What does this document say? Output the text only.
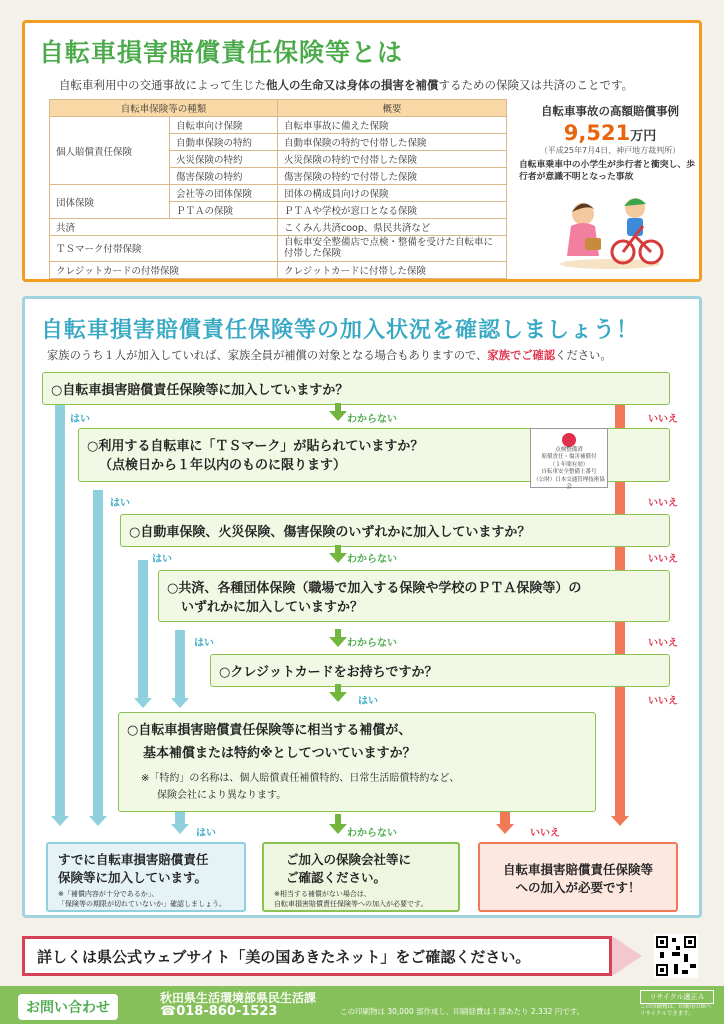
自転車損害賠償責任保険等とは
自転車利用中の交通事故によって生じた他人の生命又は身体の損害を補償するための保険又は共済のことです。
自転車保険等の種類		概要
個人賠償責任保険	自転車向け保険	自転車事故に備えた保険
	自動車保険の特約	自動車保険の特約で付帯した保険
	火災保険の特約	火災保険の特約で付帯した保険
	傷害保険の特約	傷害保険の特約で付帯した保険
団体保険	会社等の団体保険	団体の構成員向けの保険
	ＰＴＡの保険	ＰＴＡや学校が窓口となる保険
共済		こくみん共済coop、県民共済など
ＴＳマーク付帯保険		自転車安全整備店で点検・整備を受けた自転車に付帯した保険
クレジットカードの付帯保険		クレジットカードに付帯した保険
自転車事故の高額賠償事例
9,521万円
（平成25年7月4日、神戸地方裁判所）
自転車乗車中の小学生が歩行者と衝突し、歩行者が意識不明となった事故
自転車損害賠償責任保険等の加入状況を確認しましょう！
家族のうち１人が加入していれば、家族全員が補償の対象となる場合もありますので、家族でご確認ください。
○自転車損害賠償責任保険等に加入していますか？
はい	わからない	いいえ
○利用する自転車に「ＴＳマーク」が貼られていますか？
（点検日から１年以内のものに限ります）
点検整備済
賠償責任・傷害補償付
（１年間有効）
自転車安全整備士番号
（公財）日本交通管理技術協会
はい	いいえ
○自動車保険、火災保険、傷害保険のいずれかに加入していますか？
はい	わからない	いいえ
○共済、各種団体保険（職場で加入する保険や学校のＰＴＡ保険等）の
いずれかに加入していますか？
はい	わからない	いいえ
○クレジットカードをお持ちですか？
はい	いいえ
○自転車損害賠償責任保険等に相当する補償が、
基本補償または特約※としてついていますか？
※「特約」の名称は、個人賠償責任補償特約、日常生活賠償特約など、
保険会社により異なります。
はい	わからない	いいえ
すでに自転車損害賠償責任
保険等に加入しています。
※「補償内容が十分であるか」、
「保険等の期限が切れていないか」確認しましょう。
ご加入の保険会社等に
ご確認ください。
※相当する補償がない場合は、
自転車損害賠償責任保険等への加入が必要です。
自転車損害賠償責任保険等
への加入が必要です！
詳しくは県公式ウェブサイト「美の国あきたネット」をご確認ください。
お問い合わせ
秋田県生活環境部県民生活課
☎018-860-1523	この印刷物は 30,000 部作成し、印刷経費は１部あたり 2.332 円です。
リサイクル適正Ａ
この印刷物は、印刷用の紙へリサイクルできます。
